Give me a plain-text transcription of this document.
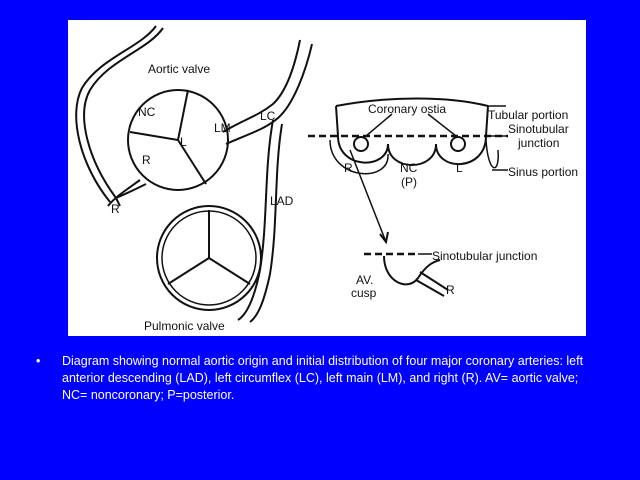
Aortic valve
NC
L
R
LM
LC
LAD
R
Pulmonic valve
Coronary ostia	Tubular portion
Sinotubular
junction
Sinus portion
R	NC
(P)
L
Sinotubular junction
AV.
cusp	R
• Diagram showing normal aortic origin and initial distribution of four major coronary arteries: left anterior descending (LAD), left circumflex (LC), left main (LM), and right (R). AV= aortic valve; NC= noncoronary; P=posterior.
